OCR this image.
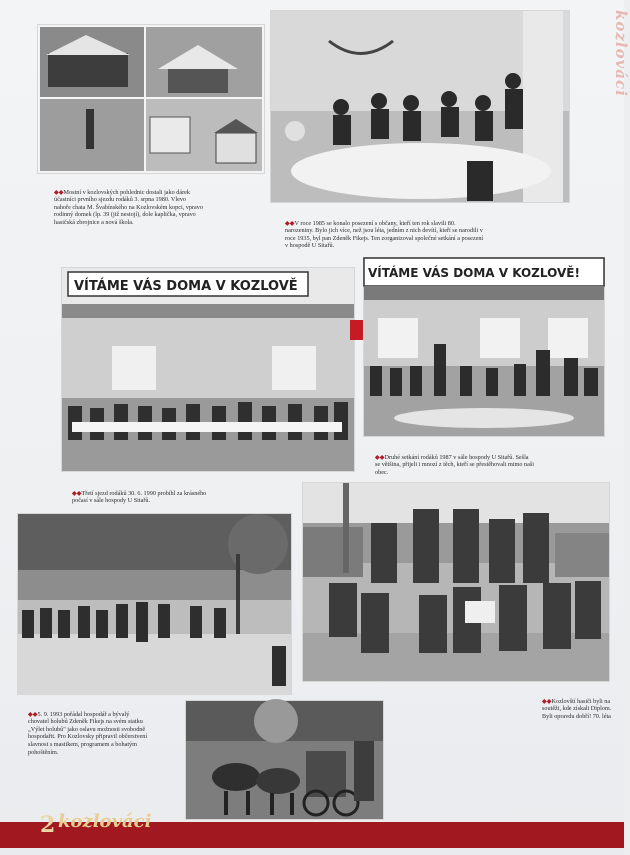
kozlováci

◆◆Mostní v kozlovských pohlednic dostali jako dárek účastníci prvního sjezdu rodáků 3. srpna 1980. Vlevo nahoře chata M. Švabínského na Kozlovském kopci, vpravo rodinný domek (lp. 39 (již nestojí), dole kaplička, vpravo hasičská zbrojnice a nová škola.	◆◆V roce 1985 se konalo posezení s občany, kteří ten rok slavili 80. narozeniny. Bylo jich více, než jsou léta, jedním z nich devítí, kteří se narodili v roce 1935, byl pan Zdeněk Fikejs. Ten zorganizoval společné setkání a posezení v hospodě U Sitařů.

VÍTÁME VÁS DOMA V KOZLOVĚ

◆◆Třetí sjezd rodáků 30. 6. 1990 probíhl za krásného počasí v sále hospody U Sitařů.

VÍTÁME VÁS DOMA V KOZLOVĚ!

◆◆Druhé setkání rodáků 1987 v sále hospody U Sitařů. Sešla se většina, přijeli i mnozí z těch, kteří se přestěhovali mimo naši obec.

◆◆5. 9. 1993 pořádal hospodář a bývalý chovatel holubů Zdeněk Fikejs na svém statku „Výlet holubů" jako oslavu možnosti svobodně hospodařit. Pro Kozlovsky připravil občerstvení slavnost s mastikem, programem a bohatým pohoštěním.

◆◆Kozlovští hasiči byli na soutěži, kde získali Diplom. Byli opravdu dobří! 70. léta

2 kozlováci
